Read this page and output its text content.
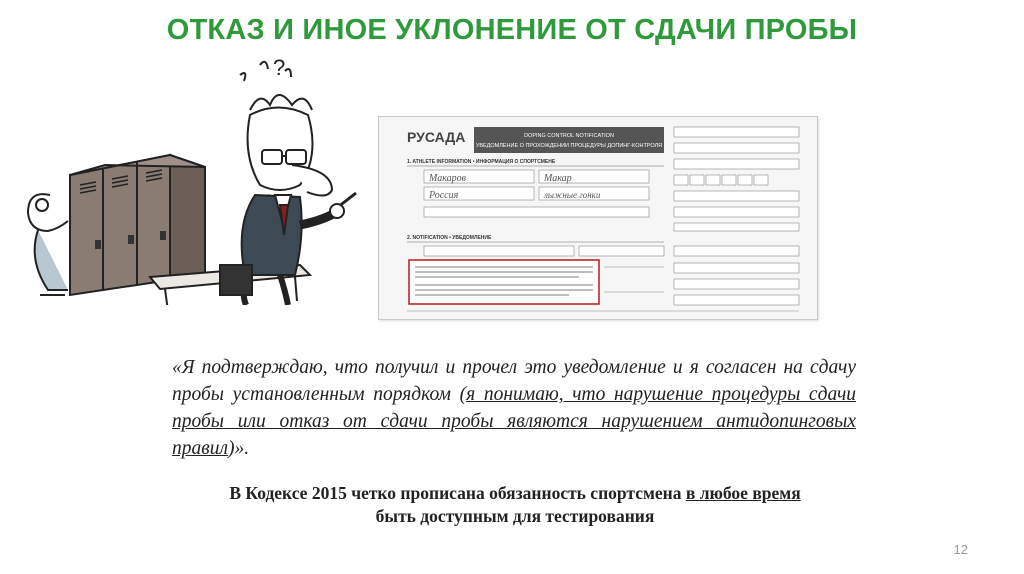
ОТКАЗ И ИНОЕ УКЛОНЕНИЕ ОТ СДАЧИ ПРОБЫ
?
РУСАДА	DOPING CONTROL NOTIFICATION
УВЕДОМЛЕНИЕ О ПРОХОЖДЕНИИ ПРОЦЕДУРЫ ДОПИНГ-КОНТРОЛЯ
1. ATHLETE INFORMATION • ИНФОРМАЦИЯ О СПОРТСМЕНЕ
Макаров	Макар
Россия	лыжные гонки
2. NOTIFICATION • УВЕДОМЛЕНИЕ
«Я подтверждаю, что получил и прочел это уведомление и я согласен на сдачу пробы установленным порядком (я понимаю, что нарушение процедуры сдачи пробы или отказ от сдачи пробы являются нарушением антидопинговых правил)».
В Кодексе 2015 четко прописана обязанность спортсмена в любое время
быть доступным для тестирования
12
